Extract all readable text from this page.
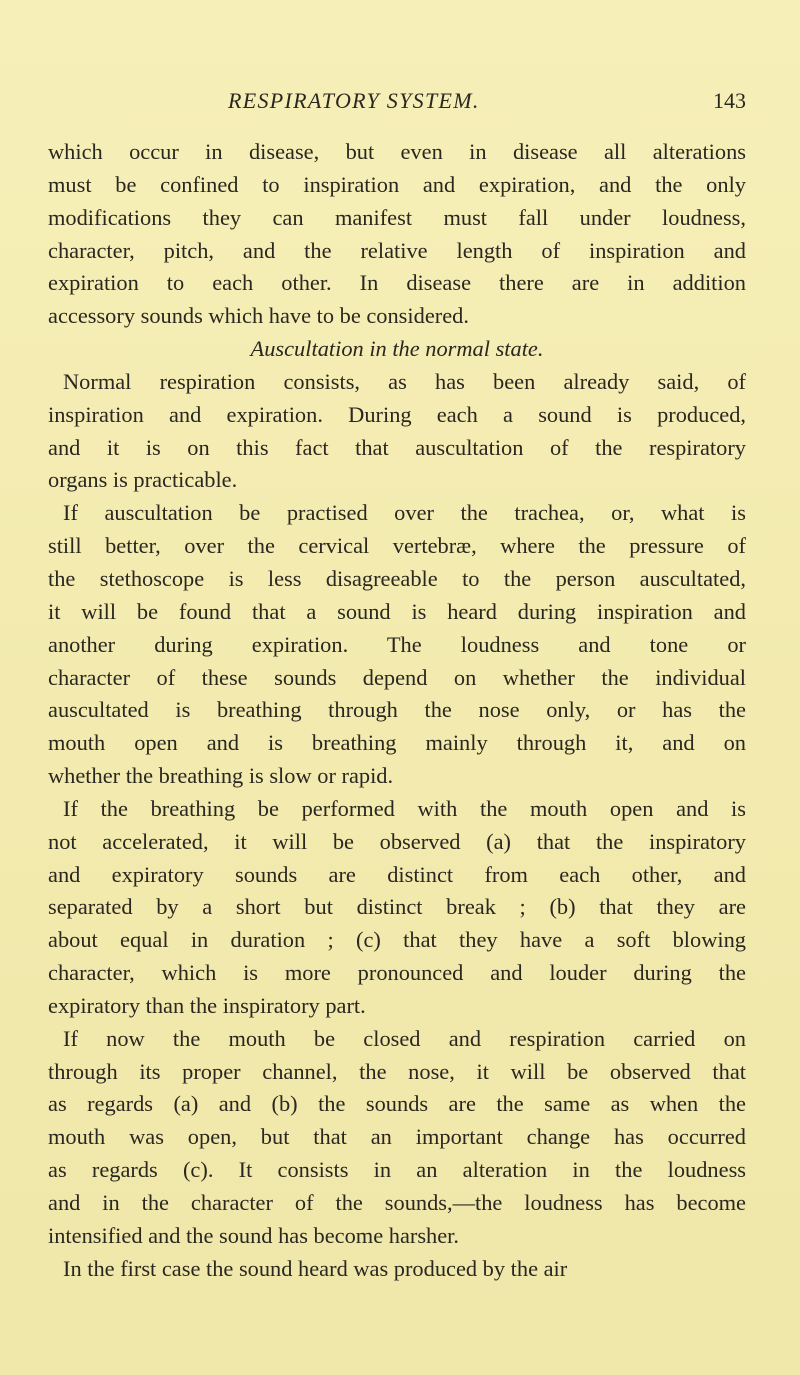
RESPIRATORY SYSTEM.	143
which occur in disease, but even in disease all alterations
must be confined to inspiration and expiration, and the only
modifications they can manifest must fall under loudness,
character, pitch, and the relative length of inspiration and
expiration to each other. In disease there are in addition
accessory sounds which have to be considered.
Auscultation in the normal state.
Normal respiration consists, as has been already said, of
inspiration and expiration. During each a sound is produced,
and it is on this fact that auscultation of the respiratory
organs is practicable.
If auscultation be practised over the trachea, or, what is
still better, over the cervical vertebræ, where the pressure of
the stethoscope is less disagreeable to the person auscultated,
it will be found that a sound is heard during inspiration and
another during expiration. The loudness and tone or
character of these sounds depend on whether the individual
auscultated is breathing through the nose only, or has the
mouth open and is breathing mainly through it, and on
whether the breathing is slow or rapid.
If the breathing be performed with the mouth open and is
not accelerated, it will be observed (a) that the inspiratory
and expiratory sounds are distinct from each other, and
separated by a short but distinct break ; (b) that they are
about equal in duration ; (c) that they have a soft blowing
character, which is more pronounced and louder during the
expiratory than the inspiratory part.
If now the mouth be closed and respiration carried on
through its proper channel, the nose, it will be observed that
as regards (a) and (b) the sounds are the same as when the
mouth was open, but that an important change has occurred
as regards (c). It consists in an alteration in the loudness
and in the character of the sounds,—the loudness has become
intensified and the sound has become harsher.
In the first case the sound heard was produced by the air
